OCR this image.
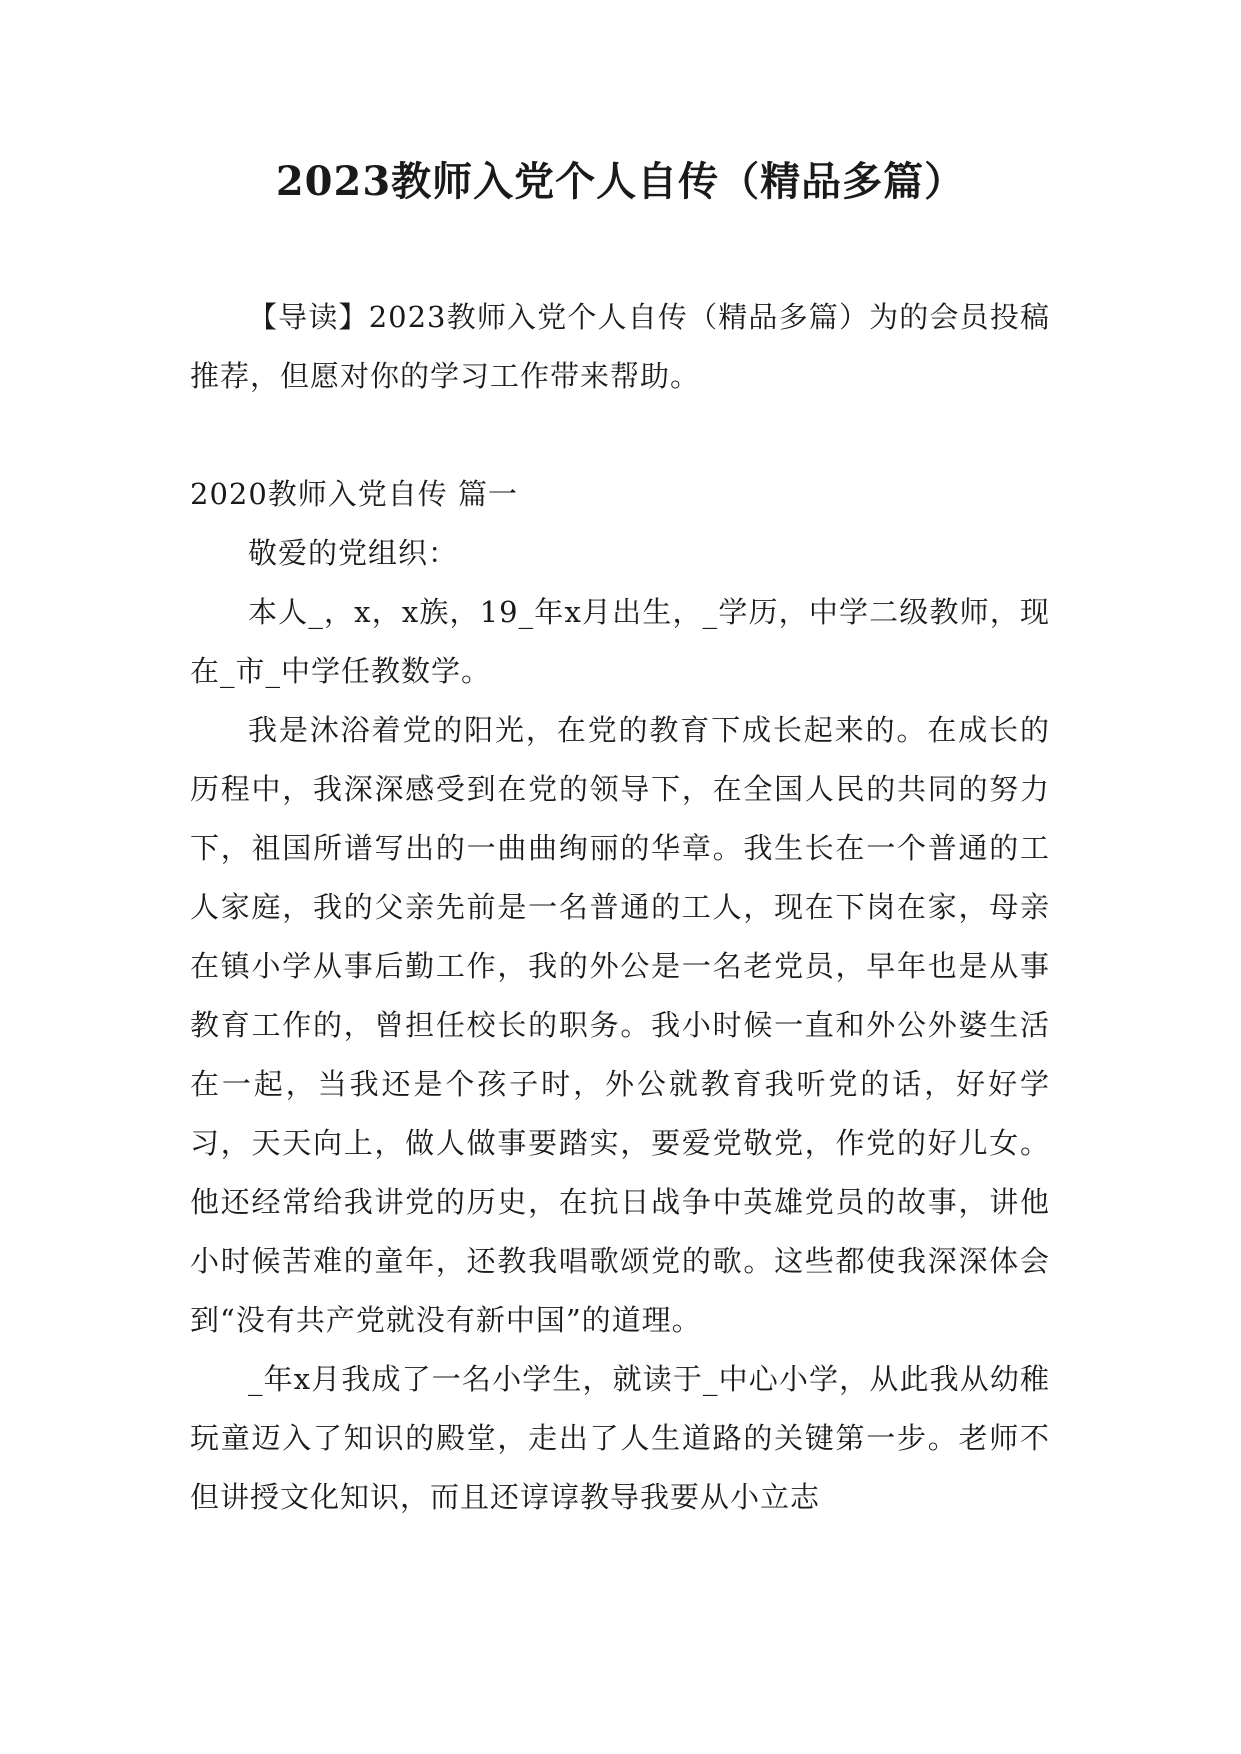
2023教师入党个人自传（精品多篇）

【导读】2023教师入党个人自传（精品多篇）为的会员投稿推荐，但愿对你的学习工作带来帮助。

2020教师入党自传 篇一

敬爱的党组织：

本人_，x，x族，19_年x月出生，_学历，中学二级教师，现在_市_中学任教数学。

我是沐浴着党的阳光，在党的教育下成长起来的。在成长的历程中，我深深感受到在党的领导下，在全国人民的共同的努力下，祖国所谱写出的一曲曲绚丽的华章。我生长在一个普通的工人家庭，我的父亲先前是一名普通的工人，现在下岗在家，母亲在镇小学从事后勤工作，我的外公是一名老党员，早年也是从事教育工作的，曾担任校长的职务。我小时候一直和外公外婆生活在一起，当我还是个孩子时，外公就教育我听党的话，好好学习，天天向上，做人做事要踏实，要爱党敬党，作党的好儿女。他还经常给我讲党的历史，在抗日战争中英雄党员的故事，讲他小时候苦难的童年，还教我唱歌颂党的歌。这些都使我深深体会到“没有共产党就没有新中国”的道理。

_年x月我成了一名小学生，就读于_中心小学，从此我从幼稚玩童迈入了知识的殿堂，走出了人生道路的关键第一步。老师不但讲授文化知识，而且还谆谆教导我要从小立志
